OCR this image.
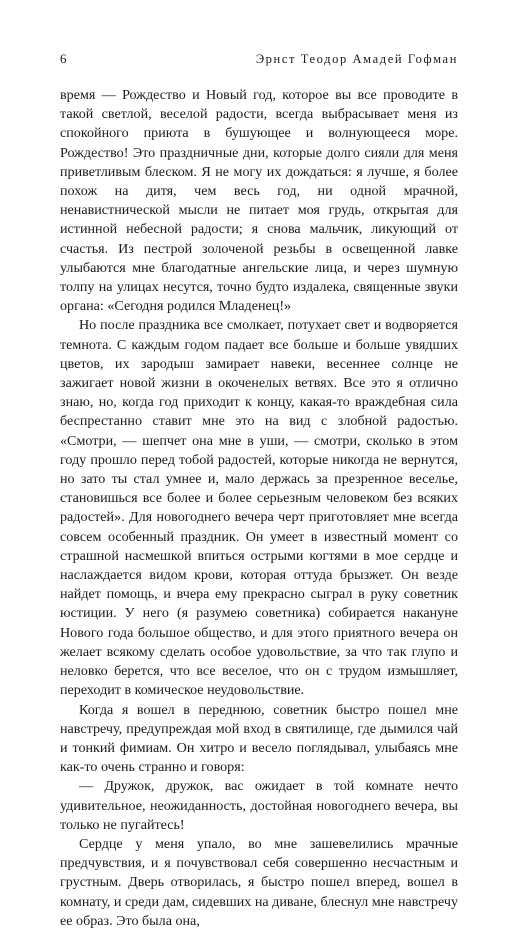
6	Эрнст Теодор Амадей Гофман

время — Рождество и Новый год, которое вы все проводите в такой светлой, веселой радости, всегда выбрасывает меня из спокойного приюта в бушующее и волнующееся море. Рождество! Это праздничные дни, которые долго сияли для меня приветливым блеском. Я не могу их дождаться: я лучше, я более похож на дитя, чем весь год, ни одной мрачной, ненавистнической мысли не питает моя грудь, открытая для истинной небесной радости; я снова мальчик, ликующий от счастья. Из пестрой золоченой резьбы в освещенной лавке улыбаются мне благодатные ангельские лица, и через шумную толпу на улицах несутся, точно будто издалека, священные звуки органа: «Сегодня родился Младенец!»

Но после праздника все смолкает, потухает свет и водворяется темнота. С каждым годом падает все больше и больше увядших цветов, их зародыш замирает навеки, весеннее солнце не зажигает новой жизни в окоченелых ветвях. Все это я отлично знаю, но, когда год приходит к концу, какая-то враждебная сила беспрестанно ставит мне это на вид с злобной радостью. «Смотри, — шепчет она мне в уши, — смотри, сколько в этом году прошло перед тобой радостей, которые никогда не вернутся, но зато ты стал умнее и, мало держась за презренное веселье, становишься все более и более серьезным человеком без всяких радостей». Для новогоднего вечера черт приготовляет мне всегда совсем особенный праздник. Он умеет в известный момент со страшной насмешкой впиться острыми когтями в мое сердце и наслаждается видом крови, которая оттуда брызжет. Он везде найдет помощь, и вчера ему прекрасно сыграл в руку советник юстиции. У него (я разумею советника) собирается накануне Нового года большое общество, и для этого приятного вечера он желает всякому сделать особое удовольствие, за что так глупо и неловко берется, что все веселое, что он с трудом измышляет, переходит в комическое неудовольствие.

Когда я вошел в переднюю, советник быстро пошел мне навстречу, предупреждая мой вход в святилище, где дымился чай и тонкий фимиам. Он хитро и весело поглядывал, улыбаясь мне как-то очень странно и говоря:

— Дружок, дружок, вас ожидает в той комнате нечто удивительное, неожиданность, достойная новогоднего вечера, вы только не пугайтесь!

Сердце у меня упало, во мне зашевелились мрачные предчувствия, и я почувствовал себя совершенно несчастным и грустным. Дверь отворилась, я быстро пошел вперед, вошел в комнату, и среди дам, сидевших на диване, блеснул мне навстречу ее образ. Это была она,
